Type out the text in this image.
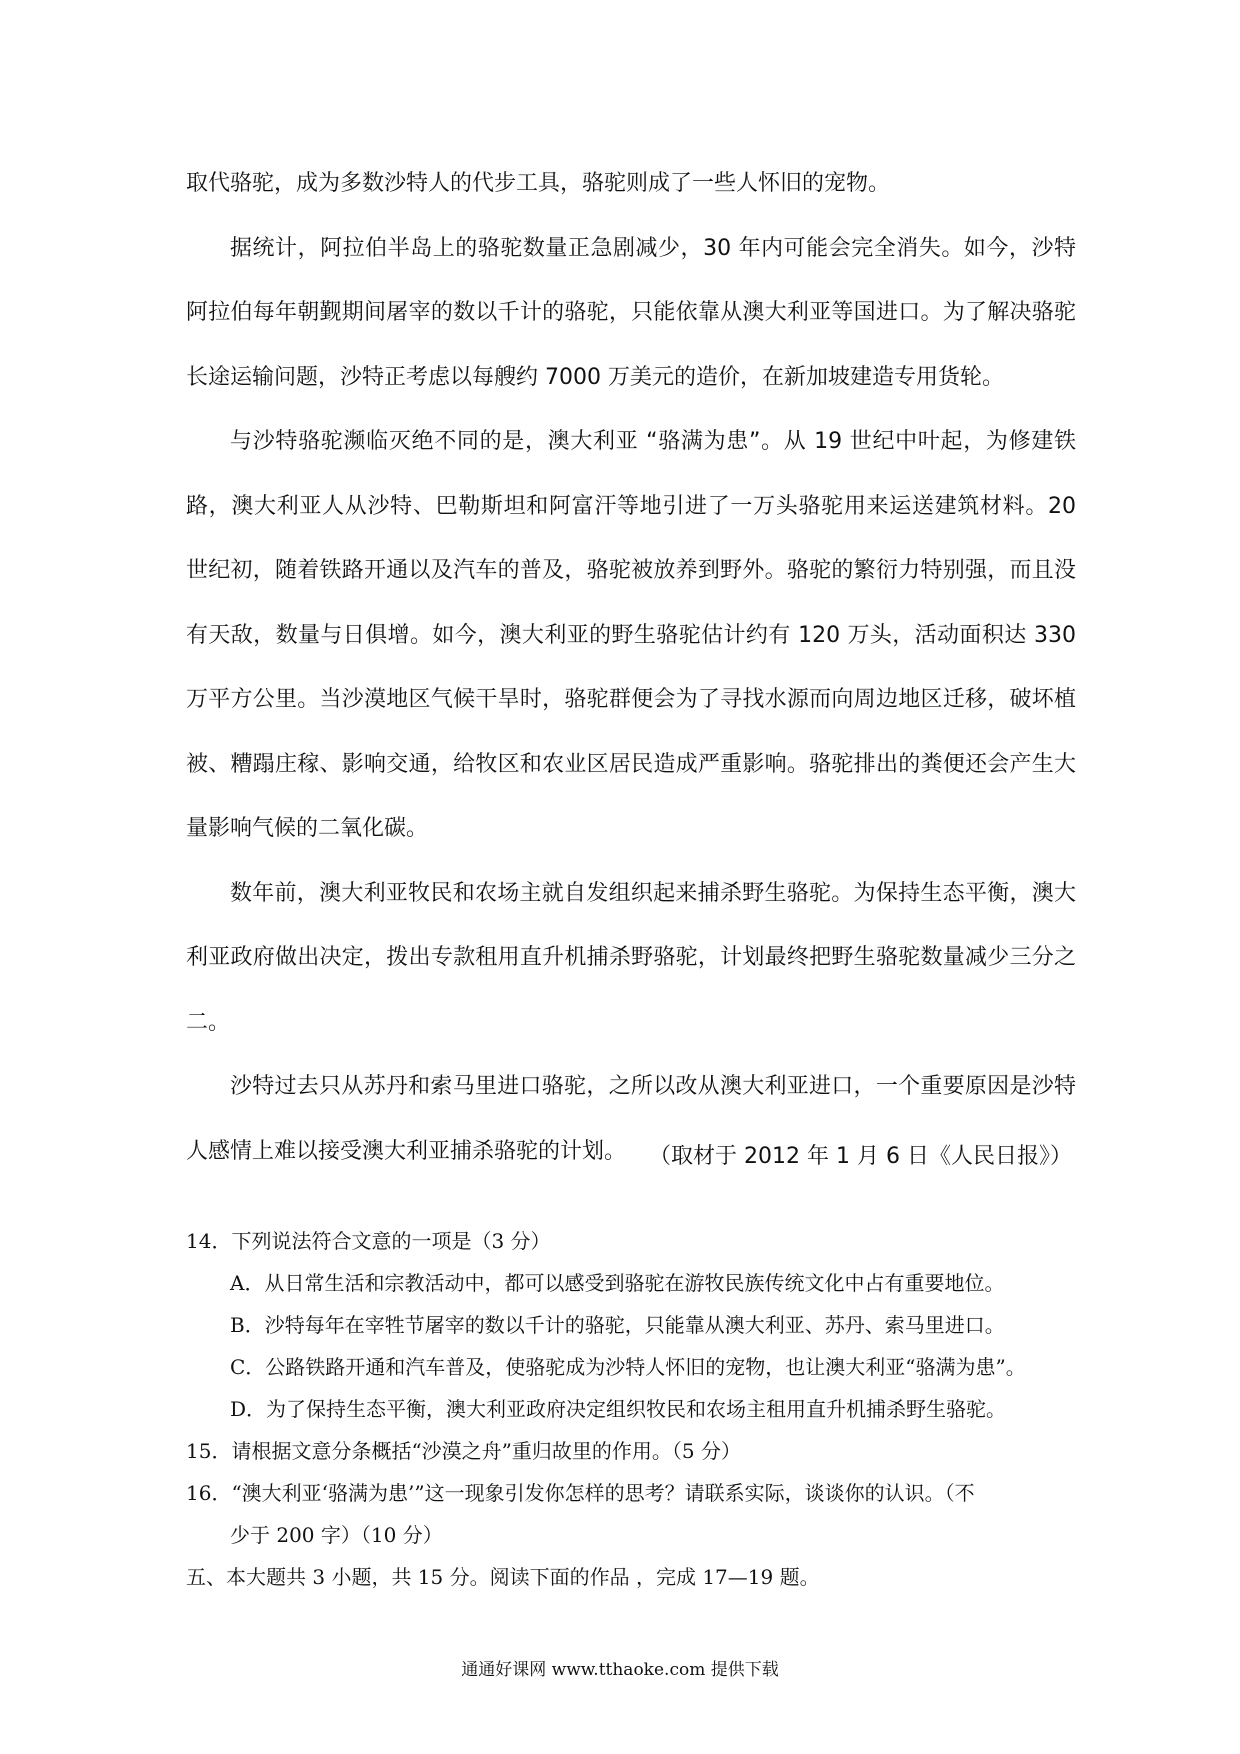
取代骆驼，成为多数沙特人的代步工具，骆驼则成了一些人怀旧的宠物。

据统计，阿拉伯半岛上的骆驼数量正急剧减少，30 年内可能会完全消失。如今，沙特阿拉伯每年朝觐期间屠宰的数以千计的骆驼，只能依靠从澳大利亚等国进口。为了解决骆驼长途运输问题，沙特正考虑以每艘约 7000 万美元的造价，在新加坡建造专用货轮。

与沙特骆驼濒临灭绝不同的是，澳大利亚 “骆满为患”。从 19 世纪中叶起，为修建铁路，澳大利亚人从沙特、巴勒斯坦和阿富汗等地引进了一万头骆驼用来运送建筑材料。20 世纪初，随着铁路开通以及汽车的普及，骆驼被放养到野外。骆驼的繁衍力特别强，而且没有天敌，数量与日俱增。如今，澳大利亚的野生骆驼估计约有 120 万头，活动面积达 330 万平方公里。当沙漠地区气候干旱时，骆驼群便会为了寻找水源而向周边地区迁移，破坏植被、糟蹋庄稼、影响交通，给牧区和农业区居民造成严重影响。骆驼排出的粪便还会产生大量影响气候的二氧化碳。

数年前，澳大利亚牧民和农场主就自发组织起来捕杀野生骆驼。为保持生态平衡，澳大利亚政府做出决定，拨出专款租用直升机捕杀野骆驼，计划最终把野生骆驼数量减少三分之二。

沙特过去只从苏丹和索马里进口骆驼，之所以改从澳大利亚进口，一个重要原因是沙特人感情上难以接受澳大利亚捕杀骆驼的计划。	（取材于 2012 年 1 月 6 日《人民日报》）

14．下列说法符合文意的一项是（3 分）

A．从日常生活和宗教活动中，都可以感受到骆驼在游牧民族传统文化中占有重要地位。

B．沙特每年在宰牲节屠宰的数以千计的骆驼，只能靠从澳大利亚、苏丹、索马里进口。

C．公路铁路开通和汽车普及，使骆驼成为沙特人怀旧的宠物，也让澳大利亚“骆满为患”。

D．为了保持生态平衡，澳大利亚政府决定组织牧民和农场主租用直升机捕杀野生骆驼。

15．请根据文意分条概括“沙漠之舟”重归故里的作用。（5 分）

16．“澳大利亚‘骆满为患’”这一现象引发你怎样的思考？请联系实际，谈谈你的认识。（不

少于 200 字）（10 分）

五、本大题共 3 小题，共 15 分。阅读下面的作品 ，完成 17—19 题。

通通好课网 www.tthaoke.com 提供下载
